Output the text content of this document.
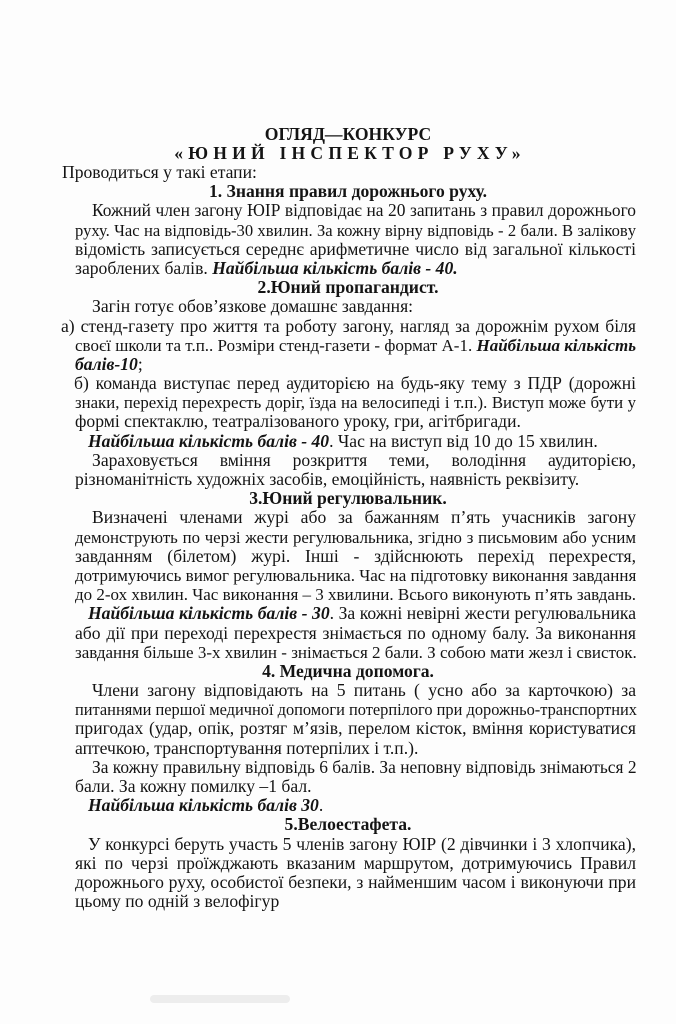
ОГЛЯД—КОНКУРС
«ЮНИЙ ІНСПЕКТОР РУХУ»
Проводиться у такі етапи:
1. Знання правил дорожнього руху.
Кожний член загону ЮІР відповідає на 20 запитань з правил дорожнього
руху. Час на відповідь-30 хвилин. За кожну вірну відповідь - 2 бали. В заліковy
відомість записується середнє арифметичне число від загальної кількості
зароблених балів. Найбільша кількість балів - 40.
2.Юний пропагандист.
Загін готує обов’язкове домашнє завдання:
а) стенд-газету про життя та роботу загону, нагляд за дорожнім рухом біля
своєї школи та т.п.. Розміри стенд-газети - формат А-1. Найбільша кількість
балів-10;
б) команда виступає перед аудиторією на будь-яку тему з ПДР (дорожні
знаки, перехід перехресть доріг, їзда на велосипеді і т.п.). Виступ може бути у
формі спектаклю, театралізованого уроку, гри, агітбригади.
Найбільша кількість балів - 40. Час на виступ від 10 до 15 хвилин.
Зараховується вміння розкриття теми, володіння аудиторією,
різноманітність художніх засобів, емоційність, наявність реквізиту.
3.Юний регулювальник.
Визначені членами журі або за бажанням п’ять учасників загону
демонструють по черзі жести регулювальника, згідно з письмовим або усним
завданням (білетом) журі. Інші - здійснюють перехід перехрестя,
дотримуючись вимог регулювальника. Час на підготовку виконання завдання
до 2-ох хвилин. Час виконання – 3 хвилини. Всього виконують п’ять завдань.
Найбільша кількість балів - 30. За кожні невірні жести регулювальника
або дії при переході перехрестя знімається по одному балу. За виконання
завдання більше 3-х хвилин - знімається 2 бали. З собою мати жезл і свисток.
4. Медична допомога.
Члени загону відповідають на 5 питань ( усно або за карточкою) за
питаннями першої медичної допомоги потерпілого при дорожньо-транспортних
пригодах (удар, опік, розтяг м’язів, перелом кісток, вміння користуватися
аптечкою, транспортування потерпілих і т.п.).
За кожну правильну відповідь 6 балів. За неповну відповідь знімаються 2
бали. За кожну помилку –1 бал.
Найбільша кількість балів 30.
5.Велоестафета.
У конкурсі беруть участь 5 членів загону ЮІР (2 дівчинки і 3 хлопчика),
які по черзі проїжджають вказаним маршрутом, дотримуючись Правил
дорожнього руху, особистої безпеки, з найменшим часом і виконуючи при
цьому по одній з велофігур
